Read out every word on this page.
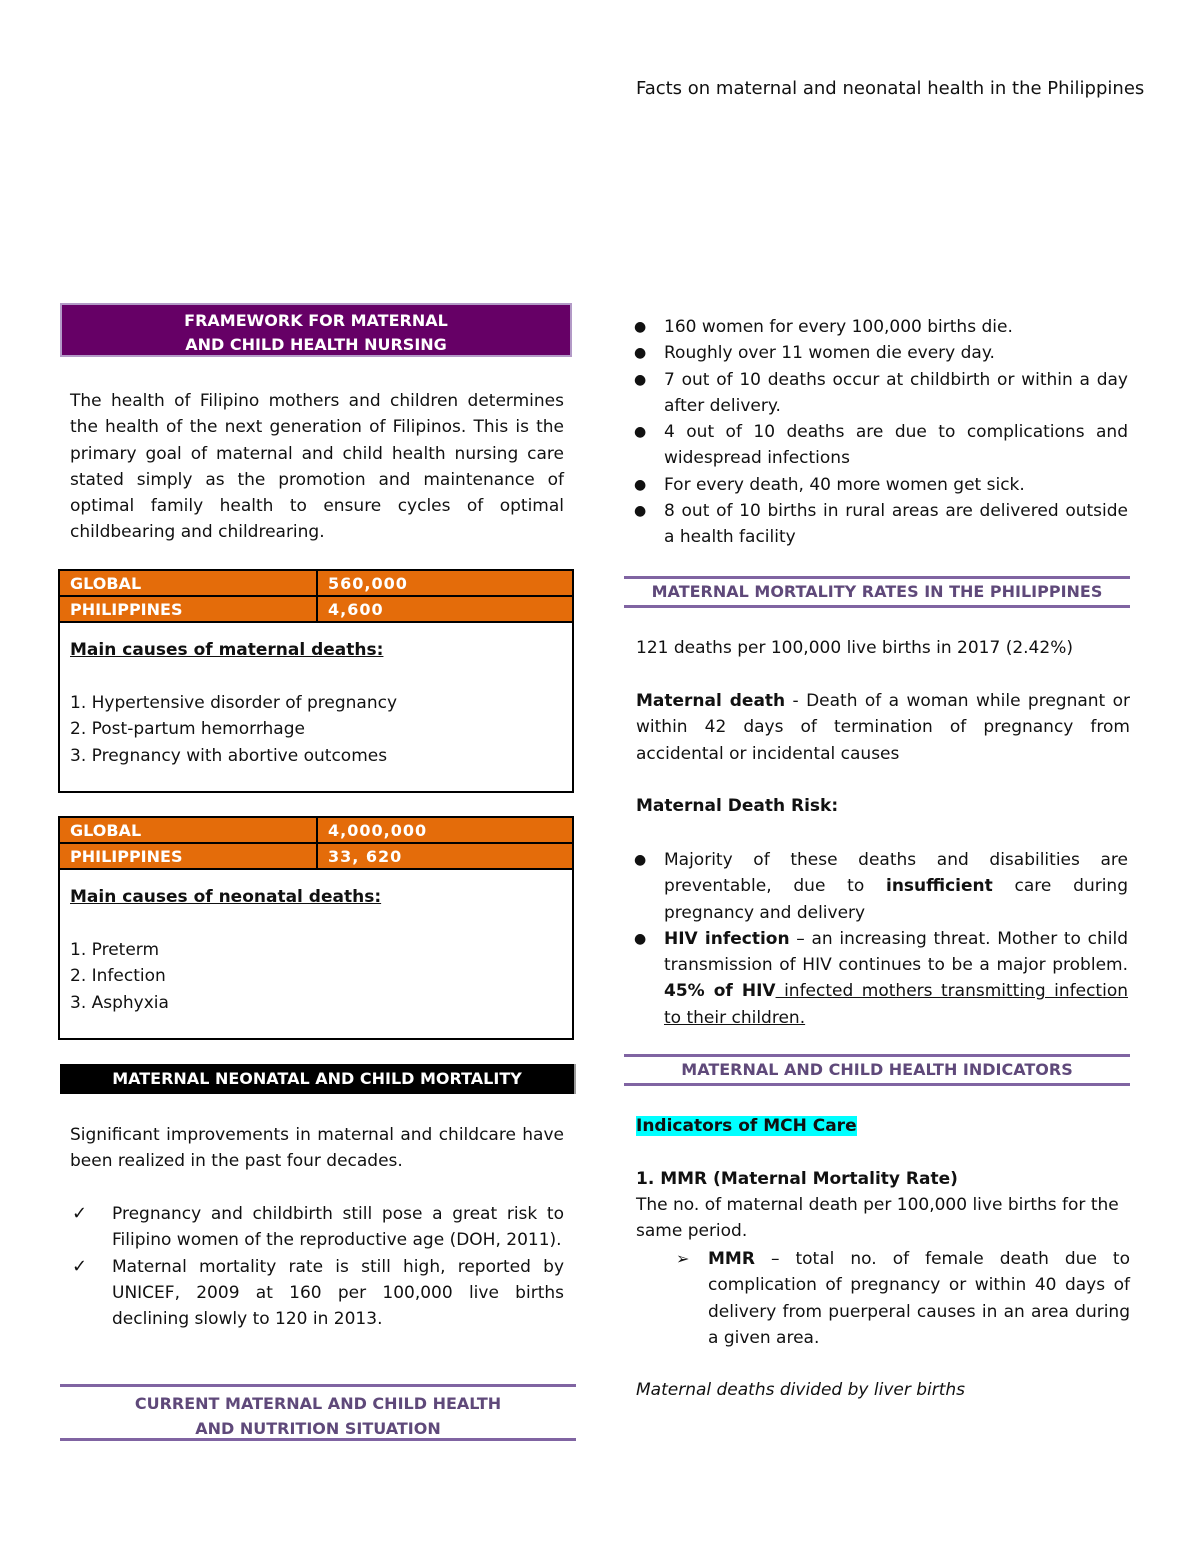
Facts on maternal and neonatal health in the Philippines
FRAMEWORK FOR MATERNAL
AND CHILD HEALTH NURSING
The health of Filipino mothers and children determines the health of the next generation of Filipinos. This is the primary goal of maternal and child health nursing care stated simply as the promotion and maintenance of optimal family health to ensure cycles of optimal childbearing and childrearing.
GLOBAL	560,000
PHILIPPINES	4,600

Main causes of maternal deaths:
1. Hypertensive disorder of pregnancy
2. Post-partum hemorrhage
3. Pregnancy with abortive outcomes	
GLOBAL	4,000,000
PHILIPPINES	33, 620

Main causes of neonatal deaths:
1. Preterm
2. Infection
3. Asphyxia	
MATERNAL NEONATAL AND CHILD MORTALITY
Significant improvements in maternal and childcare have been realized in the past four decades.
✓ Pregnancy and childbirth still pose a great risk to Filipino women of the reproductive age (DOH, 2011).
✓ Maternal mortality rate is still high, reported by UNICEF, 2009 at 160 per 100,000 live births declining slowly to 120 in 2013.
CURRENT MATERNAL AND CHILD HEALTH
AND NUTRITION SITUATION
● 160 women for every 100,000 births die.
● Roughly over 11 women die every day.
● 7 out of 10 deaths occur at childbirth or within a day after delivery.
● 4 out of 10 deaths are due to complications and widespread infections
● For every death, 40 more women get sick.
● 8 out of 10 births in rural areas are delivered outside a health facility
MATERNAL MORTALITY RATES IN THE PHILIPPINES
121 deaths per 100,000 live births in 2017 (2.42%)
Maternal death - Death of a woman while pregnant or within 42 days of termination of pregnancy from accidental or incidental causes
Maternal Death Risk:
● Majority of these deaths and disabilities are preventable, due to insufficient care during pregnancy and delivery
● HIV infection – an increasing threat. Mother to child transmission of HIV continues to be a major problem. 45% of HIV infected mothers transmitting infection to their children.
MATERNAL AND CHILD HEALTH INDICATORS
Indicators of MCH Care
1. MMR (Maternal Mortality Rate)
The no. of maternal death per 100,000 live births for the same period.
➢ MMR – total no. of female death due to complication of pregnancy or within 40 days of delivery from puerperal causes in an area during a given area.
Maternal deaths divided by liver births
